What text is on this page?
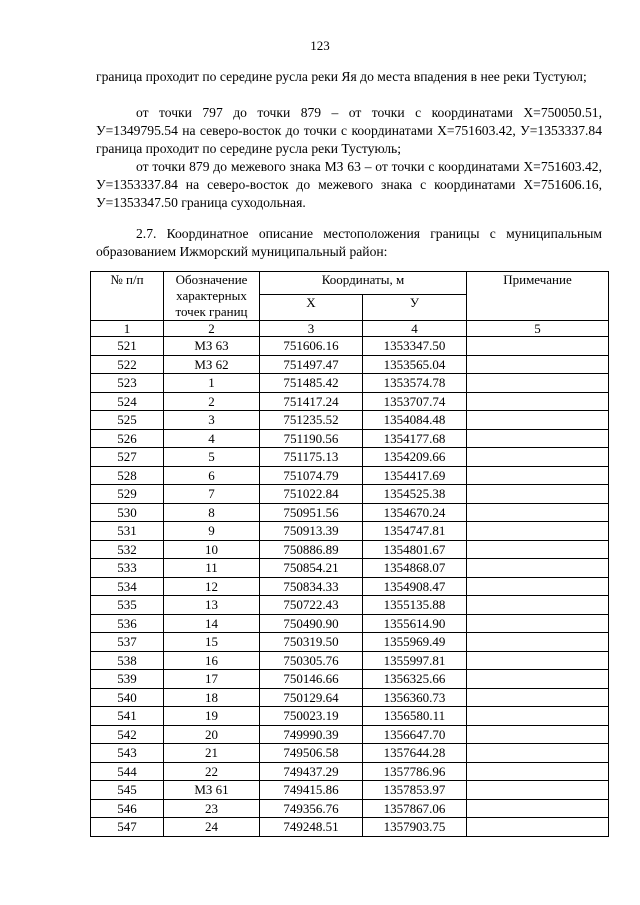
123
граница проходит по середине русла реки Яя до места впадения в нее реки Тустуюл;
от точки 797 до точки 879 – от точки с координатами Х=750050.51, У=1349795.54 на северо-восток до точки с координатами Х=751603.42, У=1353337.84 граница проходит по середине русла реки Тустуюль;
от точки 879 до межевого знака МЗ 63 – от точки с координатами Х=751603.42, У=1353337.84 на северо-восток до межевого знака с координатами Х=751606.16, У=1353347.50 граница суходольная.
2.7. Координатное описание местоположения границы с муниципальным образованием Ижморский муниципальный район:
№ п/п	Обозначение характерных точек границ	Координаты, м		Примечание
		Х	У	
1	2	3	4	5
521	МЗ 63	751606.16	1353347.50	
522	МЗ 62	751497.47	1353565.04	
523	1	751485.42	1353574.78	
524	2	751417.24	1353707.74	
525	3	751235.52	1354084.48	
526	4	751190.56	1354177.68	
527	5	751175.13	1354209.66	
528	6	751074.79	1354417.69	
529	7	751022.84	1354525.38	
530	8	750951.56	1354670.24	
531	9	750913.39	1354747.81	
532	10	750886.89	1354801.67	
533	11	750854.21	1354868.07	
534	12	750834.33	1354908.47	
535	13	750722.43	1355135.88	
536	14	750490.90	1355614.90	
537	15	750319.50	1355969.49	
538	16	750305.76	1355997.81	
539	17	750146.66	1356325.66	
540	18	750129.64	1356360.73	
541	19	750023.19	1356580.11	
542	20	749990.39	1356647.70	
543	21	749506.58	1357644.28	
544	22	749437.29	1357786.96	
545	МЗ 61	749415.86	1357853.97	
546	23	749356.76	1357867.06	
547	24	749248.51	1357903.75	
